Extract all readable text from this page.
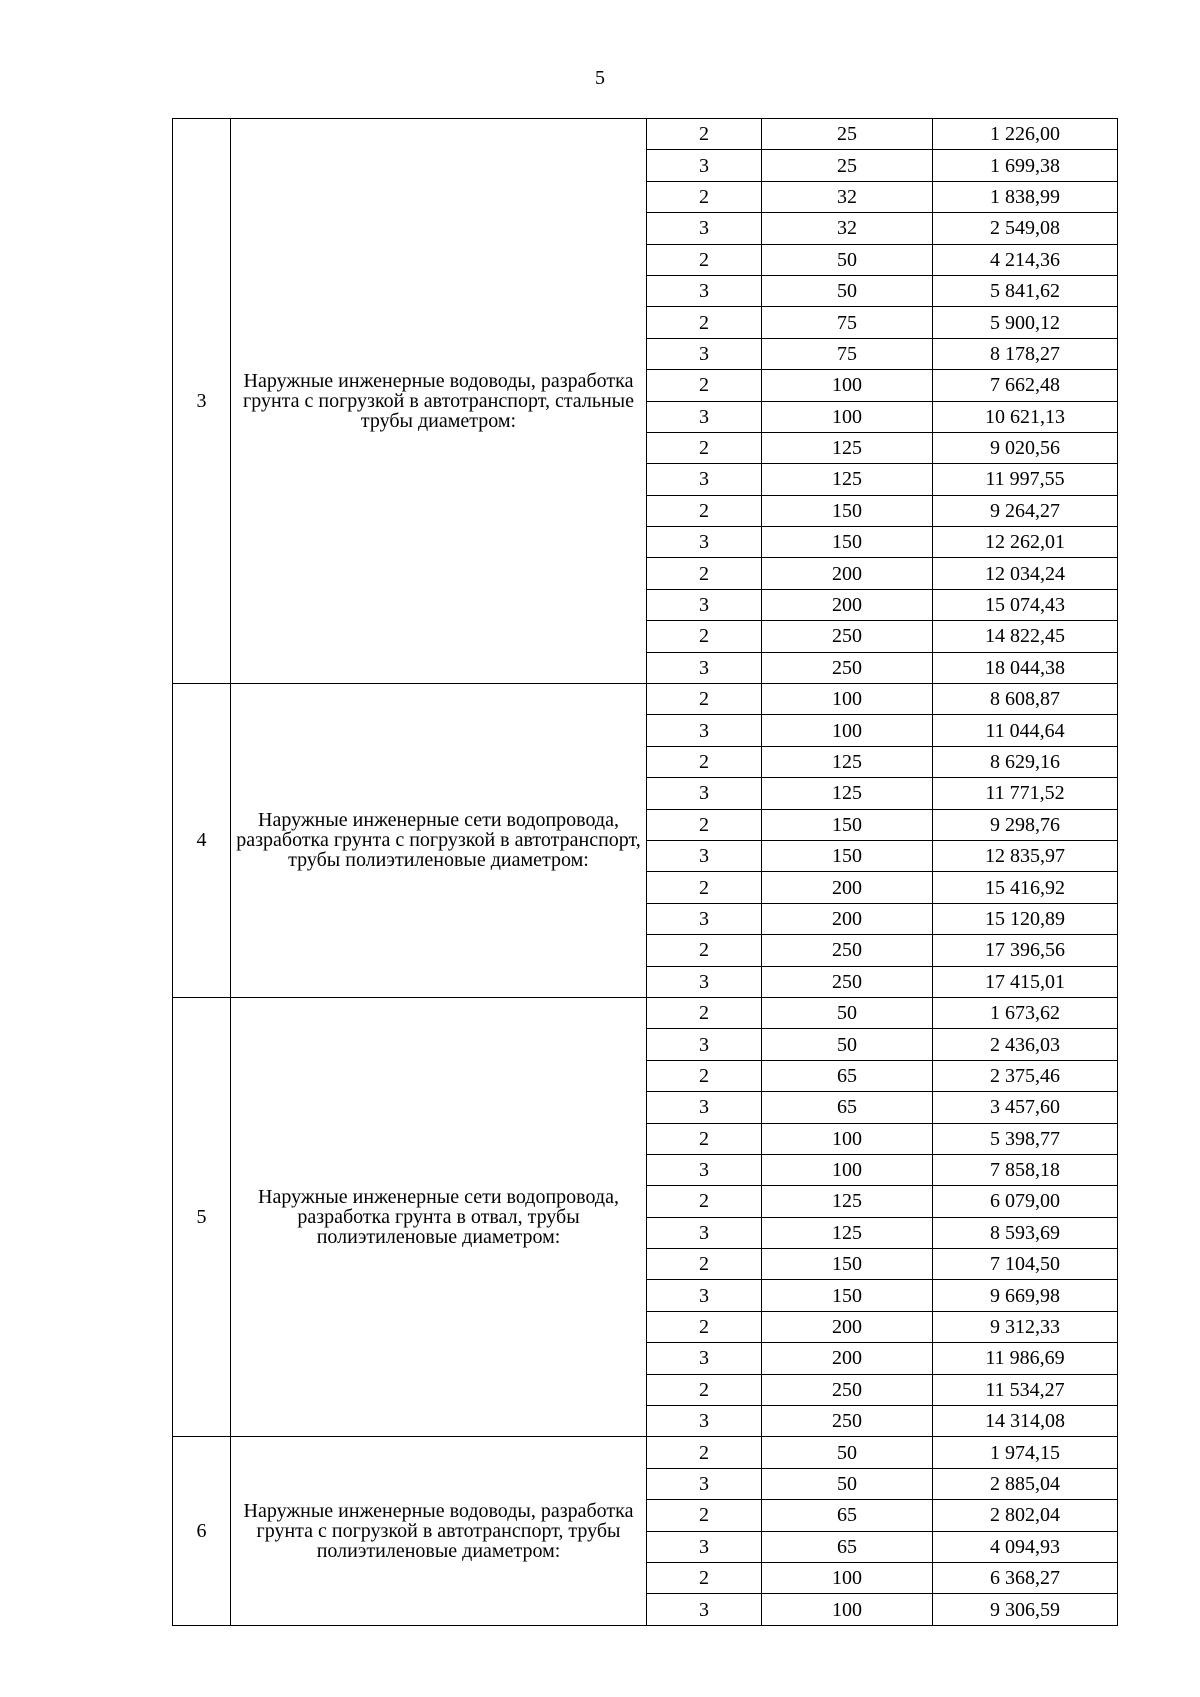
5
3	Наружные инженерные водоводы, разработка грунта с погрузкой в автотранспорт, стальные трубы диаметром:	2	25	1 226,00
		3	25	1 699,38
		2	32	1 838,99
		3	32	2 549,08
		2	50	4 214,36
		3	50	5 841,62
		2	75	5 900,12
		3	75	8 178,27
		2	100	7 662,48
		3	100	10 621,13
		2	125	9 020,56
		3	125	11 997,55
		2	150	9 264,27
		3	150	12 262,01
		2	200	12 034,24
		3	200	15 074,43
		2	250	14 822,45
		3	250	18 044,38
4	Наружные инженерные сети водопровода, разработка грунта с погрузкой в автотранспорт, трубы полиэтиленовые диаметром:	2	100	8 608,87
		3	100	11 044,64
		2	125	8 629,16
		3	125	11 771,52
		2	150	9 298,76
		3	150	12 835,97
		2	200	15 416,92
		3	200	15 120,89
		2	250	17 396,56
		3	250	17 415,01
5	Наружные инженерные сети водопровода, разработка грунта в отвал, трубы полиэтиленовые диаметром:	2	50	1 673,62
		3	50	2 436,03
		2	65	2 375,46
		3	65	3 457,60
		2	100	5 398,77
		3	100	7 858,18
		2	125	6 079,00
		3	125	8 593,69
		2	150	7 104,50
		3	150	9 669,98
		2	200	9 312,33
		3	200	11 986,69
		2	250	11 534,27
		3	250	14 314,08
6	Наружные инженерные водоводы, разработка грунта с погрузкой в автотранспорт, трубы полиэтиленовые диаметром:	2	50	1 974,15
		3	50	2 885,04
		2	65	2 802,04
		3	65	4 094,93
		2	100	6 368,27
		3	100	9 306,59
